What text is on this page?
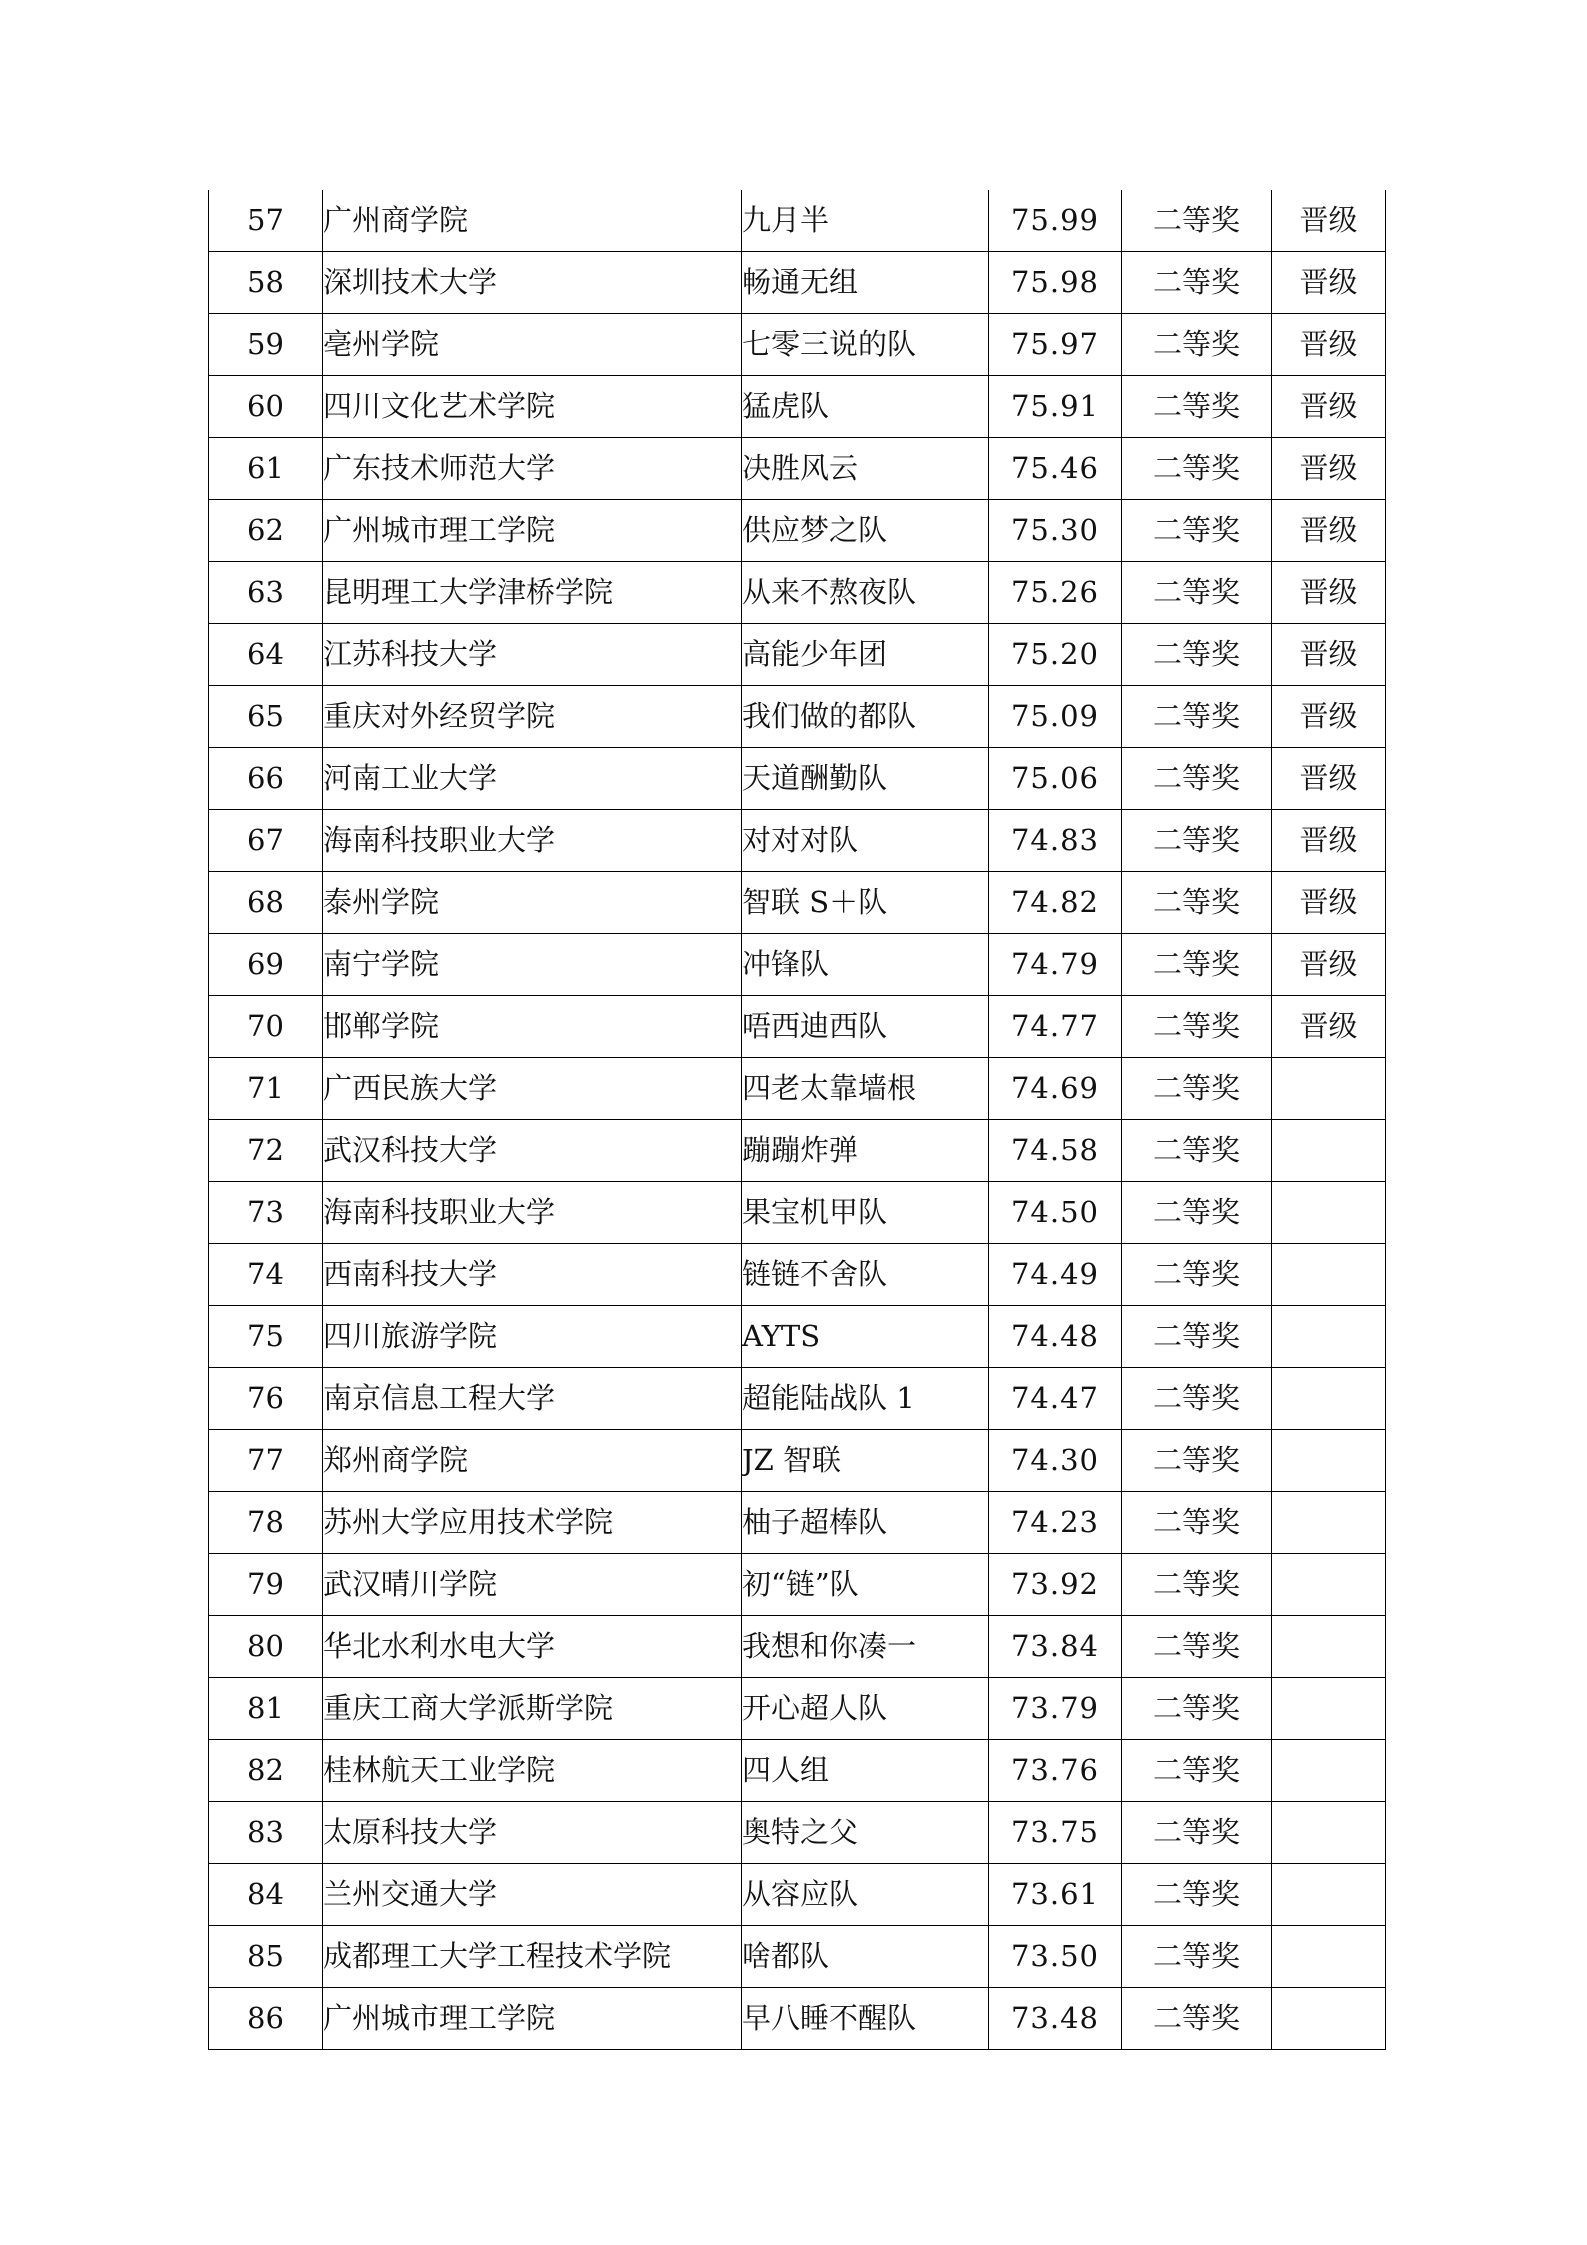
57	广州商学院	九月半	75.99	二等奖	晋级
58	深圳技术大学	畅通无组	75.98	二等奖	晋级
59	亳州学院	七零三说的队	75.97	二等奖	晋级
60	四川文化艺术学院	猛虎队	75.91	二等奖	晋级
61	广东技术师范大学	决胜风云	75.46	二等奖	晋级
62	广州城市理工学院	供应梦之队	75.30	二等奖	晋级
63	昆明理工大学津桥学院	从来不熬夜队	75.26	二等奖	晋级
64	江苏科技大学	高能少年团	75.20	二等奖	晋级
65	重庆对外经贸学院	我们做的都队	75.09	二等奖	晋级
66	河南工业大学	天道酬勤队	75.06	二等奖	晋级
67	海南科技职业大学	对对对队	74.83	二等奖	晋级
68	泰州学院	智联 S＋队	74.82	二等奖	晋级
69	南宁学院	冲锋队	74.79	二等奖	晋级
70	邯郸学院	唔西迪西队	74.77	二等奖	晋级
71	广西民族大学	四老太靠墙根	74.69	二等奖	
72	武汉科技大学	蹦蹦炸弹	74.58	二等奖	
73	海南科技职业大学	果宝机甲队	74.50	二等奖	
74	西南科技大学	链链不舍队	74.49	二等奖	
75	四川旅游学院	AYTS	74.48	二等奖	
76	南京信息工程大学	超能陆战队 1	74.47	二等奖	
77	郑州商学院	JZ 智联	74.30	二等奖	
78	苏州大学应用技术学院	柚子超棒队	74.23	二等奖	
79	武汉晴川学院	初“链”队	73.92	二等奖	
80	华北水利水电大学	我想和你凑一	73.84	二等奖	
81	重庆工商大学派斯学院	开心超人队	73.79	二等奖	
82	桂林航天工业学院	四人组	73.76	二等奖	
83	太原科技大学	奥特之父	73.75	二等奖	
84	兰州交通大学	从容应队	73.61	二等奖	
85	成都理工大学工程技术学院	啥都队	73.50	二等奖	
86	广州城市理工学院	早八睡不醒队	73.48	二等奖	
